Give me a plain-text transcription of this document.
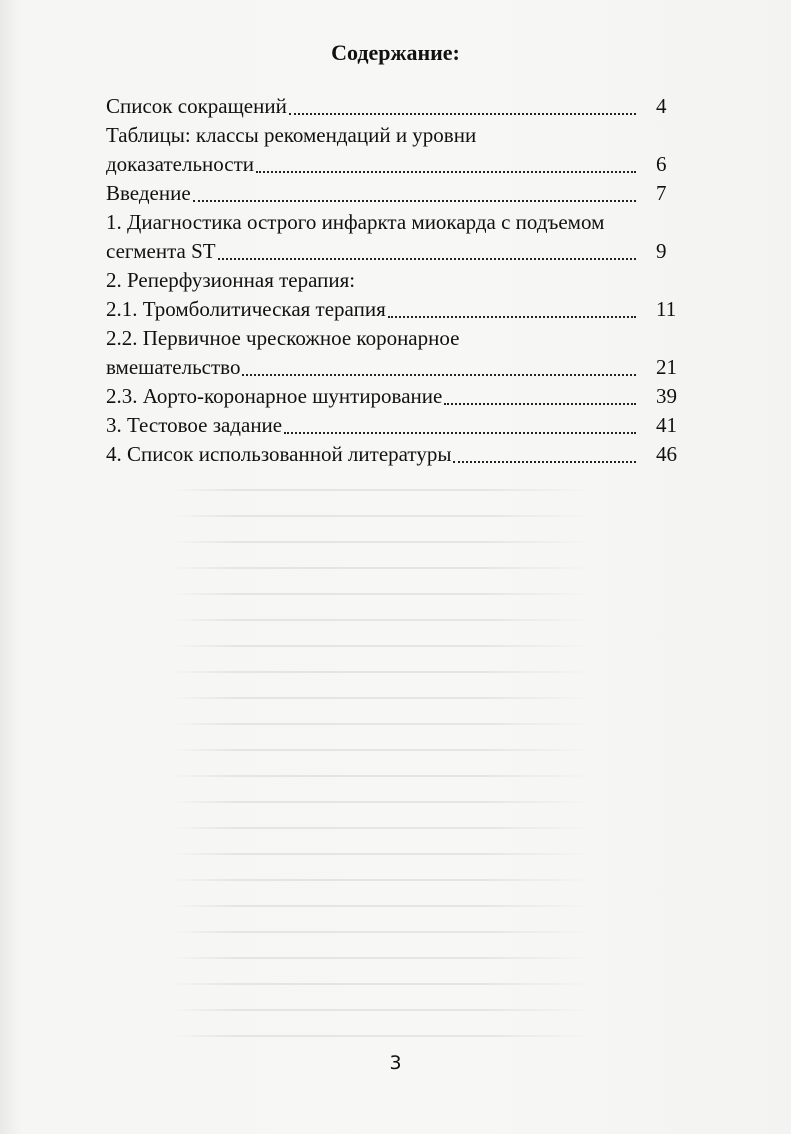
Содержание:
Список сокращений	4
Таблицы: классы рекомендаций и уровни
доказательности	6
Введение	7
1. Диагностика острого инфаркта миокарда с подъемом
сегмента ST	9
2. Реперфузионная терапия:
2.1. Тромболитическая терапия	11
2.2. Первичное чрескожное коронарное
вмешательство	21
2.3. Аорто-коронарное шунтирование	39
3. Тестовое задание	41
4. Список использованной литературы	46
3
